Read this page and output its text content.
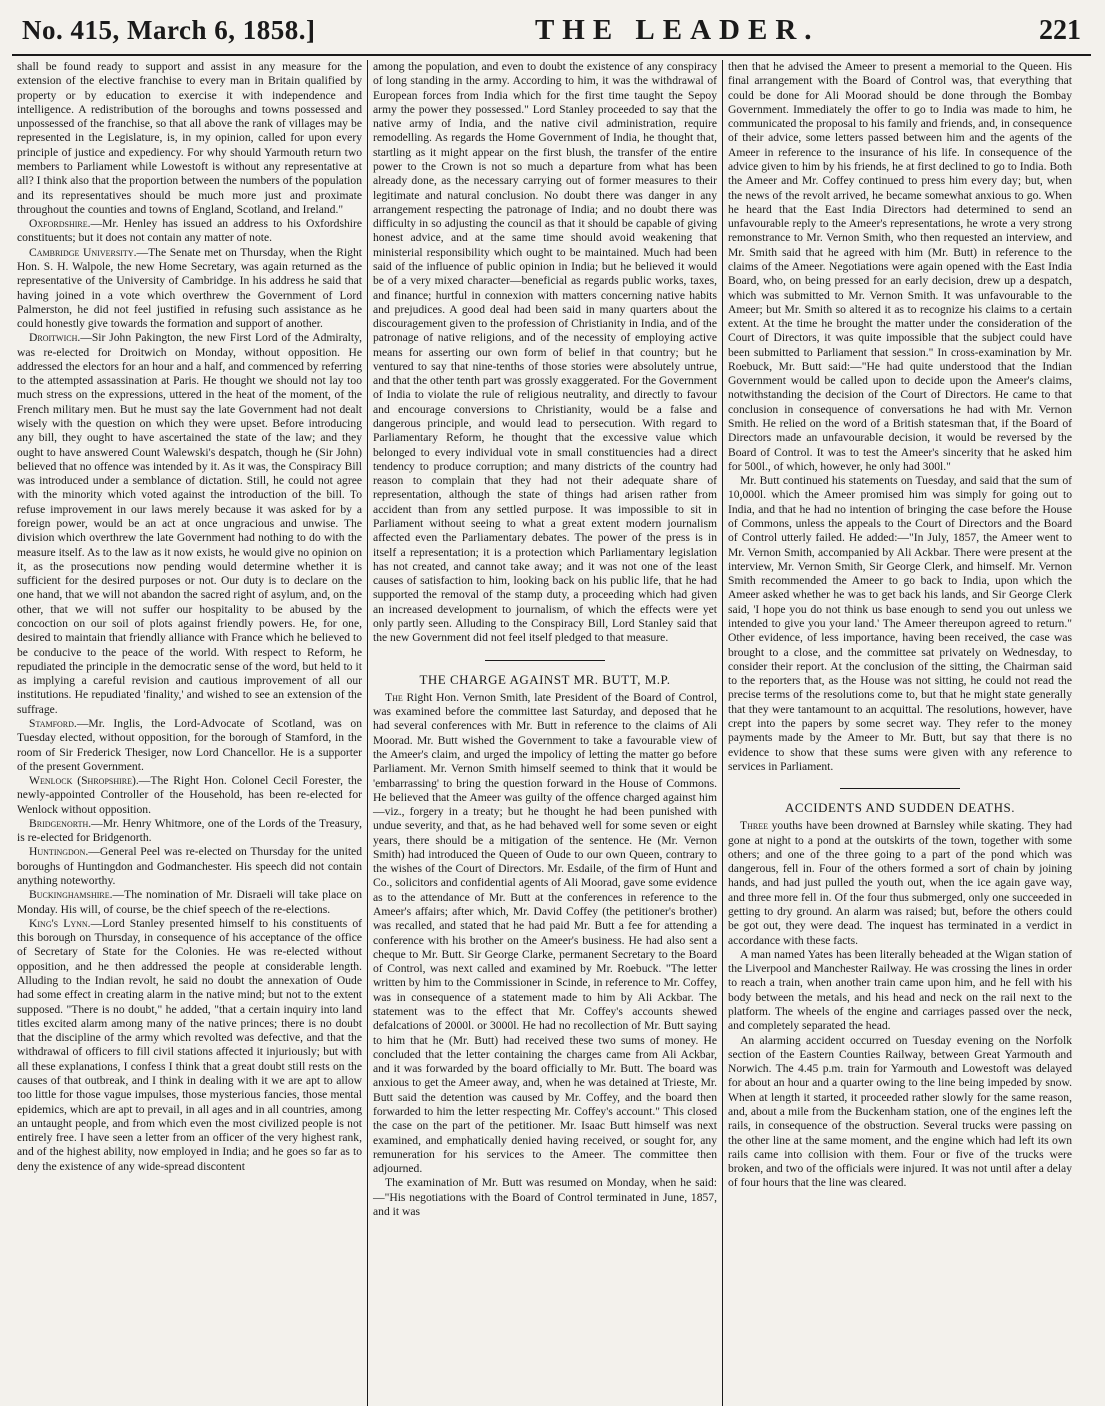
No. 415, March 6, 1858.]	THE LEADER.	221

shall be found ready to support and assist in any measure for the extension of the elective franchise to every man in Britain qualified by property or by education to exercise it with independence and intelligence. A redistribution of the boroughs and towns possessed and unpossessed of the franchise, so that all above the rank of villages may be represented in the Legislature, is, in my opinion, called for upon every principle of justice and expediency. For why should Yarmouth return two members to Parliament while Lowestoft is without any representative at all? I think also that the proportion between the numbers of the population and its representatives should be much more just and proximate throughout the counties and towns of England, Scotland, and Ireland."

Oxfordshire.—Mr. Henley has issued an address to his Oxfordshire constituents; but it does not contain any matter of note.

Cambridge University.—The Senate met on Thursday, when the Right Hon. S. H. Walpole, the new Home Secretary, was again returned as the representative of the University of Cambridge. In his address he said that having joined in a vote which overthrew the Government of Lord Palmerston, he did not feel justified in refusing such assistance as he could honestly give towards the formation and support of another.

Droitwich.—Sir John Pakington, the new First Lord of the Admiralty, was re-elected for Droitwich on Monday, without opposition. He addressed the electors for an hour and a half, and commenced by referring to the attempted assassination at Paris. He thought we should not lay too much stress on the expressions, uttered in the heat of the moment, of the French military men. But he must say the late Government had not dealt wisely with the question on which they were upset. Before introducing any bill, they ought to have ascertained the state of the law; and they ought to have answered Count Walewski's despatch, though he (Sir John) believed that no offence was intended by it. As it was, the Conspiracy Bill was introduced under a semblance of dictation. Still, he could not agree with the minority which voted against the introduction of the bill. To refuse improvement in our laws merely because it was asked for by a foreign power, would be an act at once ungracious and unwise. The division which overthrew the late Government had nothing to do with the measure itself. As to the law as it now exists, he would give no opinion on it, as the prosecutions now pending would determine whether it is sufficient for the desired purposes or not. Our duty is to declare on the one hand, that we will not abandon the sacred right of asylum, and, on the other, that we will not suffer our hospitality to be abused by the concoction on our soil of plots against friendly powers. He, for one, desired to maintain that friendly alliance with France which he believed to be conducive to the peace of the world. With respect to Reform, he repudiated the principle in the democratic sense of the word, but held to it as implying a careful revision and cautious improvement of all our institutions. He repudiated 'finality,' and wished to see an extension of the suffrage.

Stamford.—Mr. Inglis, the Lord-Advocate of Scotland, was on Tuesday elected, without opposition, for the borough of Stamford, in the room of Sir Frederick Thesiger, now Lord Chancellor. He is a supporter of the present Government.

Wenlock (Shropshire).—The Right Hon. Colonel Cecil Forester, the newly-appointed Controller of the Household, has been re-elected for Wenlock without opposition.

Bridgenorth.—Mr. Henry Whitmore, one of the Lords of the Treasury, is re-elected for Bridgenorth.

Huntingdon.—General Peel was re-elected on Thursday for the united boroughs of Huntingdon and Godmanchester. His speech did not contain anything noteworthy.

Buckinghamshire.—The nomination of Mr. Disraeli will take place on Monday. His will, of course, be the chief speech of the re-elections.

King's Lynn.—Lord Stanley presented himself to his constituents of this borough on Thursday, in consequence of his acceptance of the office of Secretary of State for the Colonies. He was re-elected without opposition, and he then addressed the people at considerable length. Alluding to the Indian revolt, he said no doubt the annexation of Oude had some effect in creating alarm in the native mind; but not to the extent supposed. "There is no doubt," he added, "that a certain inquiry into land titles excited alarm among many of the native princes; there is no doubt that the discipline of the army which revolted was defective, and that the withdrawal of officers to fill civil stations affected it injuriously; but with all these explanations, I confess I think that a great doubt still rests on the causes of that outbreak, and I think in dealing with it we are apt to allow too little for those vague impulses, those mysterious fancies, those mental epidemics, which are apt to prevail, in all ages and in all countries, among an untaught people, and from which even the most civilized people is not entirely free. I have seen a letter from an officer of the very highest rank, and of the highest ability, now employed in India; and he goes so far as to deny the existence of any wide-spread discontent

among the population, and even to doubt the existence of any conspiracy of long standing in the army. According to him, it was the withdrawal of European forces from India which for the first time taught the Sepoy army the power they possessed." Lord Stanley proceeded to say that the native army of India, and the native civil administration, require remodelling. As regards the Home Government of India, he thought that, startling as it might appear on the first blush, the transfer of the entire power to the Crown is not so much a departure from what has been already done, as the necessary carrying out of former measures to their legitimate and natural conclusion. No doubt there was danger in any arrangement respecting the patronage of India; and no doubt there was difficulty in so adjusting the council as that it should be capable of giving honest advice, and at the same time should avoid weakening that ministerial responsibility which ought to be maintained. Much had been said of the influence of public opinion in India; but he believed it would be of a very mixed character—beneficial as regards public works, taxes, and finance; hurtful in connexion with matters concerning native habits and prejudices. A good deal had been said in many quarters about the discouragement given to the profession of Christianity in India, and of the patronage of native religions, and of the necessity of employing active means for asserting our own form of belief in that country; but he ventured to say that nine-tenths of those stories were absolutely untrue, and that the other tenth part was grossly exaggerated. For the Government of India to violate the rule of religious neutrality, and directly to favour and encourage conversions to Christianity, would be a false and dangerous principle, and would lead to persecution. With regard to Parliamentary Reform, he thought that the excessive value which belonged to every individual vote in small constituencies had a direct tendency to produce corruption; and many districts of the country had reason to complain that they had not their adequate share of representation, although the state of things had arisen rather from accident than from any settled purpose. It was impossible to sit in Parliament without seeing to what a great extent modern journalism affected even the Parliamentary debates. The power of the press is in itself a representation; it is a protection which Parliamentary legislation has not created, and cannot take away; and it was not one of the least causes of satisfaction to him, looking back on his public life, that he had supported the removal of the stamp duty, a proceeding which had given an increased development to journalism, of which the effects were yet only partly seen. Alluding to the Conspiracy Bill, Lord Stanley said that the new Government did not feel itself pledged to that measure.

THE CHARGE AGAINST MR. BUTT, M.P.

The Right Hon. Vernon Smith, late President of the Board of Control, was examined before the committee last Saturday, and deposed that he had several conferences with Mr. Butt in reference to the claims of Ali Moorad. Mr. Butt wished the Government to take a favourable view of the Ameer's claim, and urged the impolicy of letting the matter go before Parliament. Mr. Vernon Smith himself seemed to think that it would be 'embarrassing' to bring the question forward in the House of Commons. He believed that the Ameer was guilty of the offence charged against him—viz., forgery in a treaty; but he thought he had been punished with undue severity, and that, as he had behaved well for some seven or eight years, there should be a mitigation of the sentence. He (Mr. Vernon Smith) had introduced the Queen of Oude to our own Queen, contrary to the wishes of the Court of Directors. Mr. Esdaile, of the firm of Hunt and Co., solicitors and confidential agents of Ali Moorad, gave some evidence as to the attendance of Mr. Butt at the conferences in reference to the Ameer's affairs; after which, Mr. David Coffey (the petitioner's brother) was recalled, and stated that he had paid Mr. Butt a fee for attending a conference with his brother on the Ameer's business. He had also sent a cheque to Mr. Butt. Sir George Clarke, permanent Secretary to the Board of Control, was next called and examined by Mr. Roebuck. "The letter written by him to the Commissioner in Scinde, in reference to Mr. Coffey, was in consequence of a statement made to him by Ali Ackbar. The statement was to the effect that Mr. Coffey's accounts shewed defalcations of 2000l. or 3000l. He had no recollection of Mr. Butt saying to him that he (Mr. Butt) had received these two sums of money. He concluded that the letter containing the charges came from Ali Ackbar, and it was forwarded by the board officially to Mr. Butt. The board was anxious to get the Ameer away, and, when he was detained at Trieste, Mr. Butt said the detention was caused by Mr. Coffey, and the board then forwarded to him the letter respecting Mr. Coffey's account." This closed the case on the part of the petitioner. Mr. Isaac Butt himself was next examined, and emphatically denied having received, or sought for, any remuneration for his services to the Ameer. The committee then adjourned.

The examination of Mr. Butt was resumed on Monday, when he said:—"His negotiations with the Board of Control terminated in June, 1857, and it was

then that he advised the Ameer to present a memorial to the Queen. His final arrangement with the Board of Control was, that everything that could be done for Ali Moorad should be done through the Bombay Government. Immediately the offer to go to India was made to him, he communicated the proposal to his family and friends, and, in consequence of their advice, some letters passed between him and the agents of the Ameer in reference to the insurance of his life. In consequence of the advice given to him by his friends, he at first declined to go to India. Both the Ameer and Mr. Coffey continued to press him every day; but, when the news of the revolt arrived, he became somewhat anxious to go. When he heard that the East India Directors had determined to send an unfavourable reply to the Ameer's representations, he wrote a very strong remonstrance to Mr. Vernon Smith, who then requested an interview, and Mr. Smith said that he agreed with him (Mr. Butt) in reference to the claims of the Ameer. Negotiations were again opened with the East India Board, who, on being pressed for an early decision, drew up a despatch, which was submitted to Mr. Vernon Smith. It was unfavourable to the Ameer; but Mr. Smith so altered it as to recognize his claims to a certain extent. At the time he brought the matter under the consideration of the Court of Directors, it was quite impossible that the subject could have been submitted to Parliament that session." In cross-examination by Mr. Roebuck, Mr. Butt said:—"He had quite understood that the Indian Government would be called upon to decide upon the Ameer's claims, notwithstanding the decision of the Court of Directors. He came to that conclusion in consequence of conversations he had with Mr. Vernon Smith. He relied on the word of a British statesman that, if the Board of Directors made an unfavourable decision, it would be reversed by the Board of Control. It was to test the Ameer's sincerity that he asked him for 500l., of which, however, he only had 300l."

Mr. Butt continued his statements on Tuesday, and said that the sum of 10,000l. which the Ameer promised him was simply for going out to India, and that he had no intention of bringing the case before the House of Commons, unless the appeals to the Court of Directors and the Board of Control utterly failed. He added:—"In July, 1857, the Ameer went to Mr. Vernon Smith, accompanied by Ali Ackbar. There were present at the interview, Mr. Vernon Smith, Sir George Clerk, and himself. Mr. Vernon Smith recommended the Ameer to go back to India, upon which the Ameer asked whether he was to get back his lands, and Sir George Clerk said, 'I hope you do not think us base enough to send you out unless we intended to give you your land.' The Ameer thereupon agreed to return." Other evidence, of less importance, having been received, the case was brought to a close, and the committee sat privately on Wednesday, to consider their report. At the conclusion of the sitting, the Chairman said to the reporters that, as the House was not sitting, he could not read the precise terms of the resolutions come to, but that he might state generally that they were tantamount to an acquittal. The resolutions, however, have crept into the papers by some secret way. They refer to the money payments made by the Ameer to Mr. Butt, but say that there is no evidence to show that these sums were given with any reference to services in Parliament.

ACCIDENTS AND SUDDEN DEATHS.

Three youths have been drowned at Barnsley while skating. They had gone at night to a pond at the outskirts of the town, together with some others; and one of the three going to a part of the pond which was dangerous, fell in. Four of the others formed a sort of chain by joining hands, and had just pulled the youth out, when the ice again gave way, and three more fell in. Of the four thus submerged, only one succeeded in getting to dry ground. An alarm was raised; but, before the others could be got out, they were dead. The inquest has terminated in a verdict in accordance with these facts.

A man named Yates has been literally beheaded at the Wigan station of the Liverpool and Manchester Railway. He was crossing the lines in order to reach a train, when another train came upon him, and he fell with his body between the metals, and his head and neck on the rail next to the platform. The wheels of the engine and carriages passed over the neck, and completely separated the head.

An alarming accident occurred on Tuesday evening on the Norfolk section of the Eastern Counties Railway, between Great Yarmouth and Norwich. The 4.45 p.m. train for Yarmouth and Lowestoft was delayed for about an hour and a quarter owing to the line being impeded by snow. When at length it started, it proceeded rather slowly for the same reason, and, about a mile from the Buckenham station, one of the engines left the rails, in consequence of the obstruction. Several trucks were passing on the other line at the same moment, and the engine which had left its own rails came into collision with them. Four or five of the trucks were broken, and two of the officials were injured. It was not until after a delay of four hours that the line was cleared.
